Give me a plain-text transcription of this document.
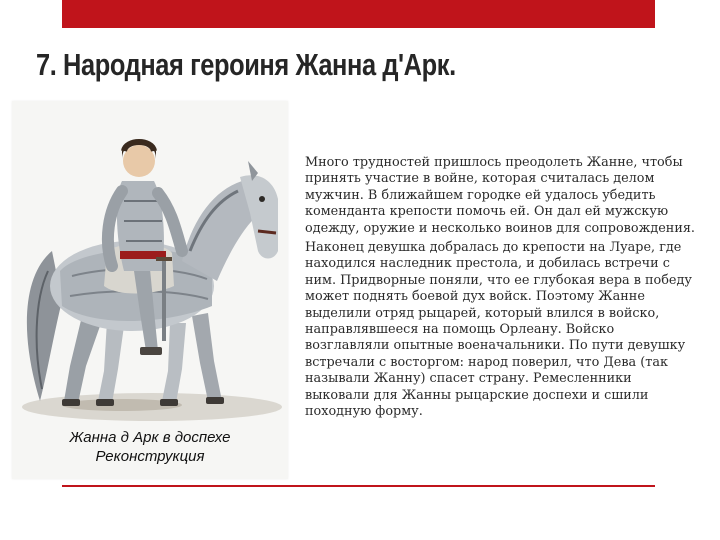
7. Народная героиня Жанна д'Арк.
Жанна д Арк в доспехе
Реконструкция

Много трудностей пришлось преодолеть Жанне, чтобы принять участие в войне, которая считалась делом мужчин. В ближайшем городке ей удалось убедить коменданта крепости помочь ей. Он дал ей мужскую одежду, оружие и несколько воинов для сопровождения.

Наконец девушка добралась до крепости на Луаре, где находился наследник престола, и добилась встречи с ним. Придворные поняли, что ее глубокая вера в победу может поднять боевой дух войск. Поэтому Жанне выделили отряд рыцарей, который влился в войско, направлявшееся на помощь Орлеану. Войско возглавляли опытные военачальники. По пути девушку встречали с восторгом: народ поверил, что Дева (так называли Жанну) спасет страну. Ремесленники выковали для Жанны рыцарские доспехи и сшили походную форму.
